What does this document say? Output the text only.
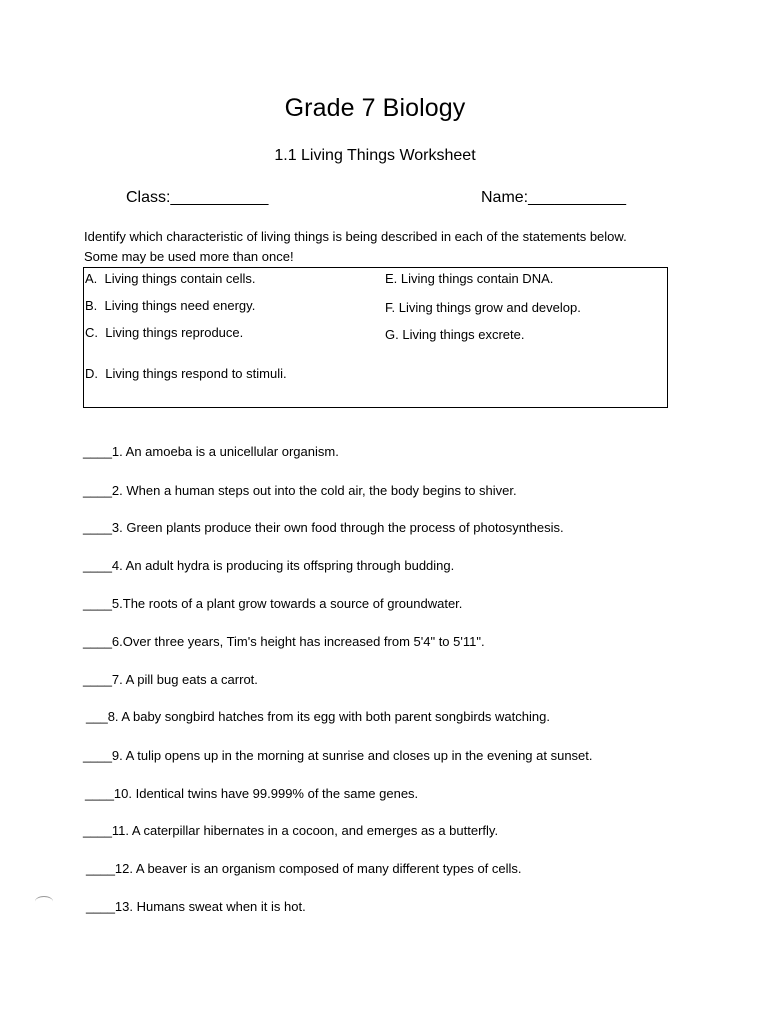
Grade 7 Biology
1.1 Living Things Worksheet
Class:___________	Name:___________
Identify which characteristic of living things is being described in each of the statements below. Some may be used more than once!
A.  Living things contain cells.
B.  Living things need energy.
C.  Living things reproduce.
D.  Living things respond to stimuli.
E. Living things contain DNA.
F. Living things grow and develop.
G. Living things excrete.
____1. An amoeba is a unicellular organism.
____2. When a human steps out into the cold air, the body begins to shiver.
____3. Green plants produce their own food through the process of photosynthesis.
____4. An adult hydra is producing its offspring through budding.
____5.The roots of a plant grow towards a source of groundwater.
____6.Over three years, Tim's height has increased from 5'4" to 5'11".
____7. A pill bug eats a carrot.
___8. A baby songbird hatches from its egg with both parent songbirds watching.
____9. A tulip opens up in the morning at sunrise and closes up in the evening at sunset.
____10. Identical twins have 99.999% of the same genes.
____11. A caterpillar hibernates in a cocoon, and emerges as a butterfly.
____12. A beaver is an organism composed of many different types of cells.
____13. Humans sweat when it is hot.
